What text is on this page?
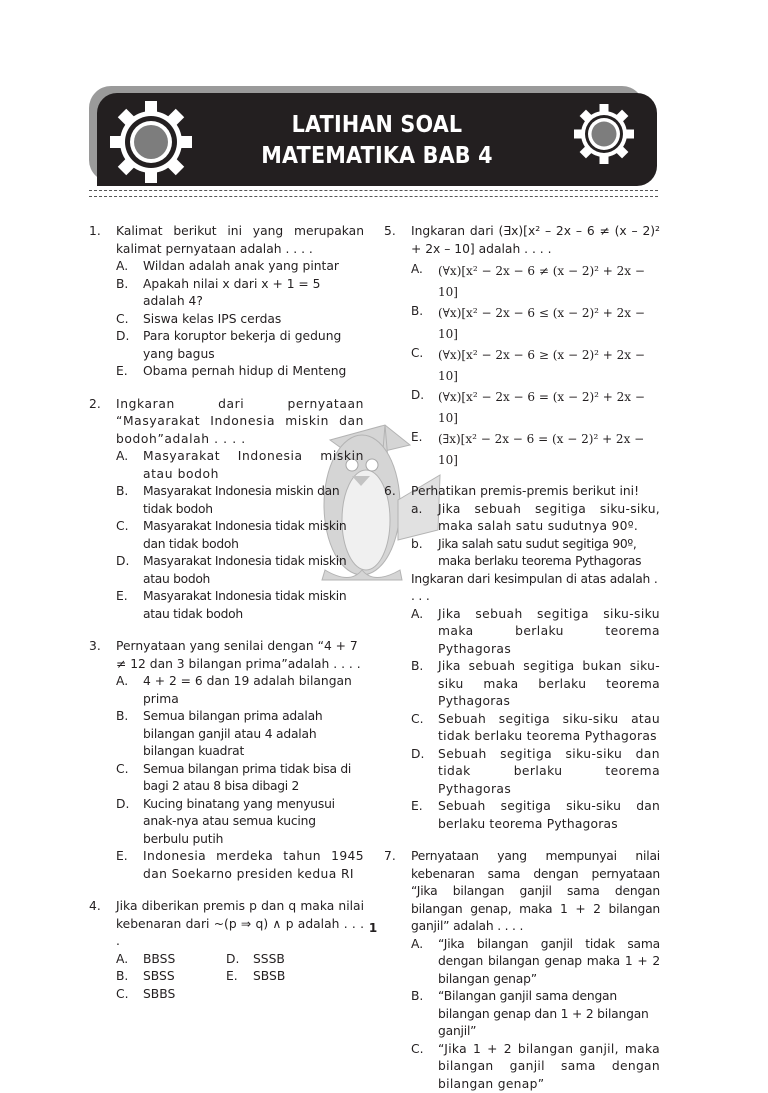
LATIHAN SOAL
MATEMATIKA BAB 4
1. Kalimat berikut ini yang merupakan kalimat pernyataan adalah . . . .
A. Wildan adalah anak yang pintar
B. Apakah nilai x dari x + 1 = 5 adalah 4?
C. Siswa kelas IPS cerdas
D. Para koruptor bekerja di gedung yang bagus
E. Obama pernah hidup di Menteng
2. Ingkaran dari pernyataan “Masyarakat Indonesia miskin dan bodoh”adalah . . . .
A. Masyarakat Indonesia miskin atau bodoh
B. Masyarakat Indonesia miskin dan tidak bodoh
C. Masyarakat Indonesia tidak miskin dan tidak bodoh
D. Masyarakat Indonesia tidak miskin atau bodoh
E. Masyarakat Indonesia tidak miskin atau tidak bodoh
3. Pernyataan yang senilai dengan “4 + 7 ≠ 12 dan 3 bilangan prima”adalah . . . .
A. 4 + 2 = 6 dan 19 adalah bilangan prima
B. Semua bilangan prima adalah bilangan ganjil atau 4 adalah bilangan kuadrat
C. Semua bilangan prima tidak bisa di bagi 2 atau 8 bisa dibagi 2
D. Kucing binatang yang menyusui anak-nya atau semua kucing berbulu putih
E. Indonesia merdeka tahun 1945 dan Soekarno presiden kedua RI
4. Jika diberikan premis p dan q maka nilai kebenaran dari ~(p ⇒ q) ∧ p adalah . . . .
A. BBSS	D. SSSB
B. SBSS	E. SBSB
C. SBBS
5. Ingkaran dari (∃x)[x² – 2x – 6 ≠ (x – 2)² + 2x – 10] adalah . . . .
A. (∀x)[x² − 2x − 6 ≠ (x − 2)² + 2x − 10]
B. (∀x)[x² − 2x − 6 ≤ (x − 2)² + 2x − 10]
C. (∀x)[x² − 2x − 6 ≥ (x − 2)² + 2x − 10]
D. (∀x)[x² − 2x − 6 = (x − 2)² + 2x − 10]
E. (∃x)[x² − 2x − 6 = (x − 2)² + 2x − 10]
6. Perhatikan premis-premis berikut ini!
a. Jika sebuah segitiga siku-siku, maka salah satu sudutnya 90º.
b. Jika salah satu sudut segitiga 90º, maka berlaku teorema Pythagoras
Ingkaran dari kesimpulan di atas adalah . . . .
A. Jika sebuah segitiga siku-siku maka berlaku teorema Pythagoras
B. Jika sebuah segitiga bukan siku-siku maka berlaku teorema Pythagoras
C. Sebuah segitiga siku-siku atau tidak berlaku teorema Pythagoras
D. Sebuah segitiga siku-siku dan tidak berlaku teorema Pythagoras
E. Sebuah segitiga siku-siku dan berlaku teorema Pythagoras
7. Pernyataan yang mempunyai nilai kebenaran sama dengan pernyataan “Jika bilangan ganjil sama dengan bilangan genap, maka 1 + 2 bilangan ganjil” adalah . . . .
A. “Jika bilangan ganjil tidak sama dengan bilangan genap maka 1 + 2 bilangan genap”
B. “Bilangan ganjil sama dengan bilangan genap dan 1 + 2 bilangan ganjil”
C. “Jika 1 + 2 bilangan ganjil, maka bilangan ganjil sama dengan bilangan genap”
1
